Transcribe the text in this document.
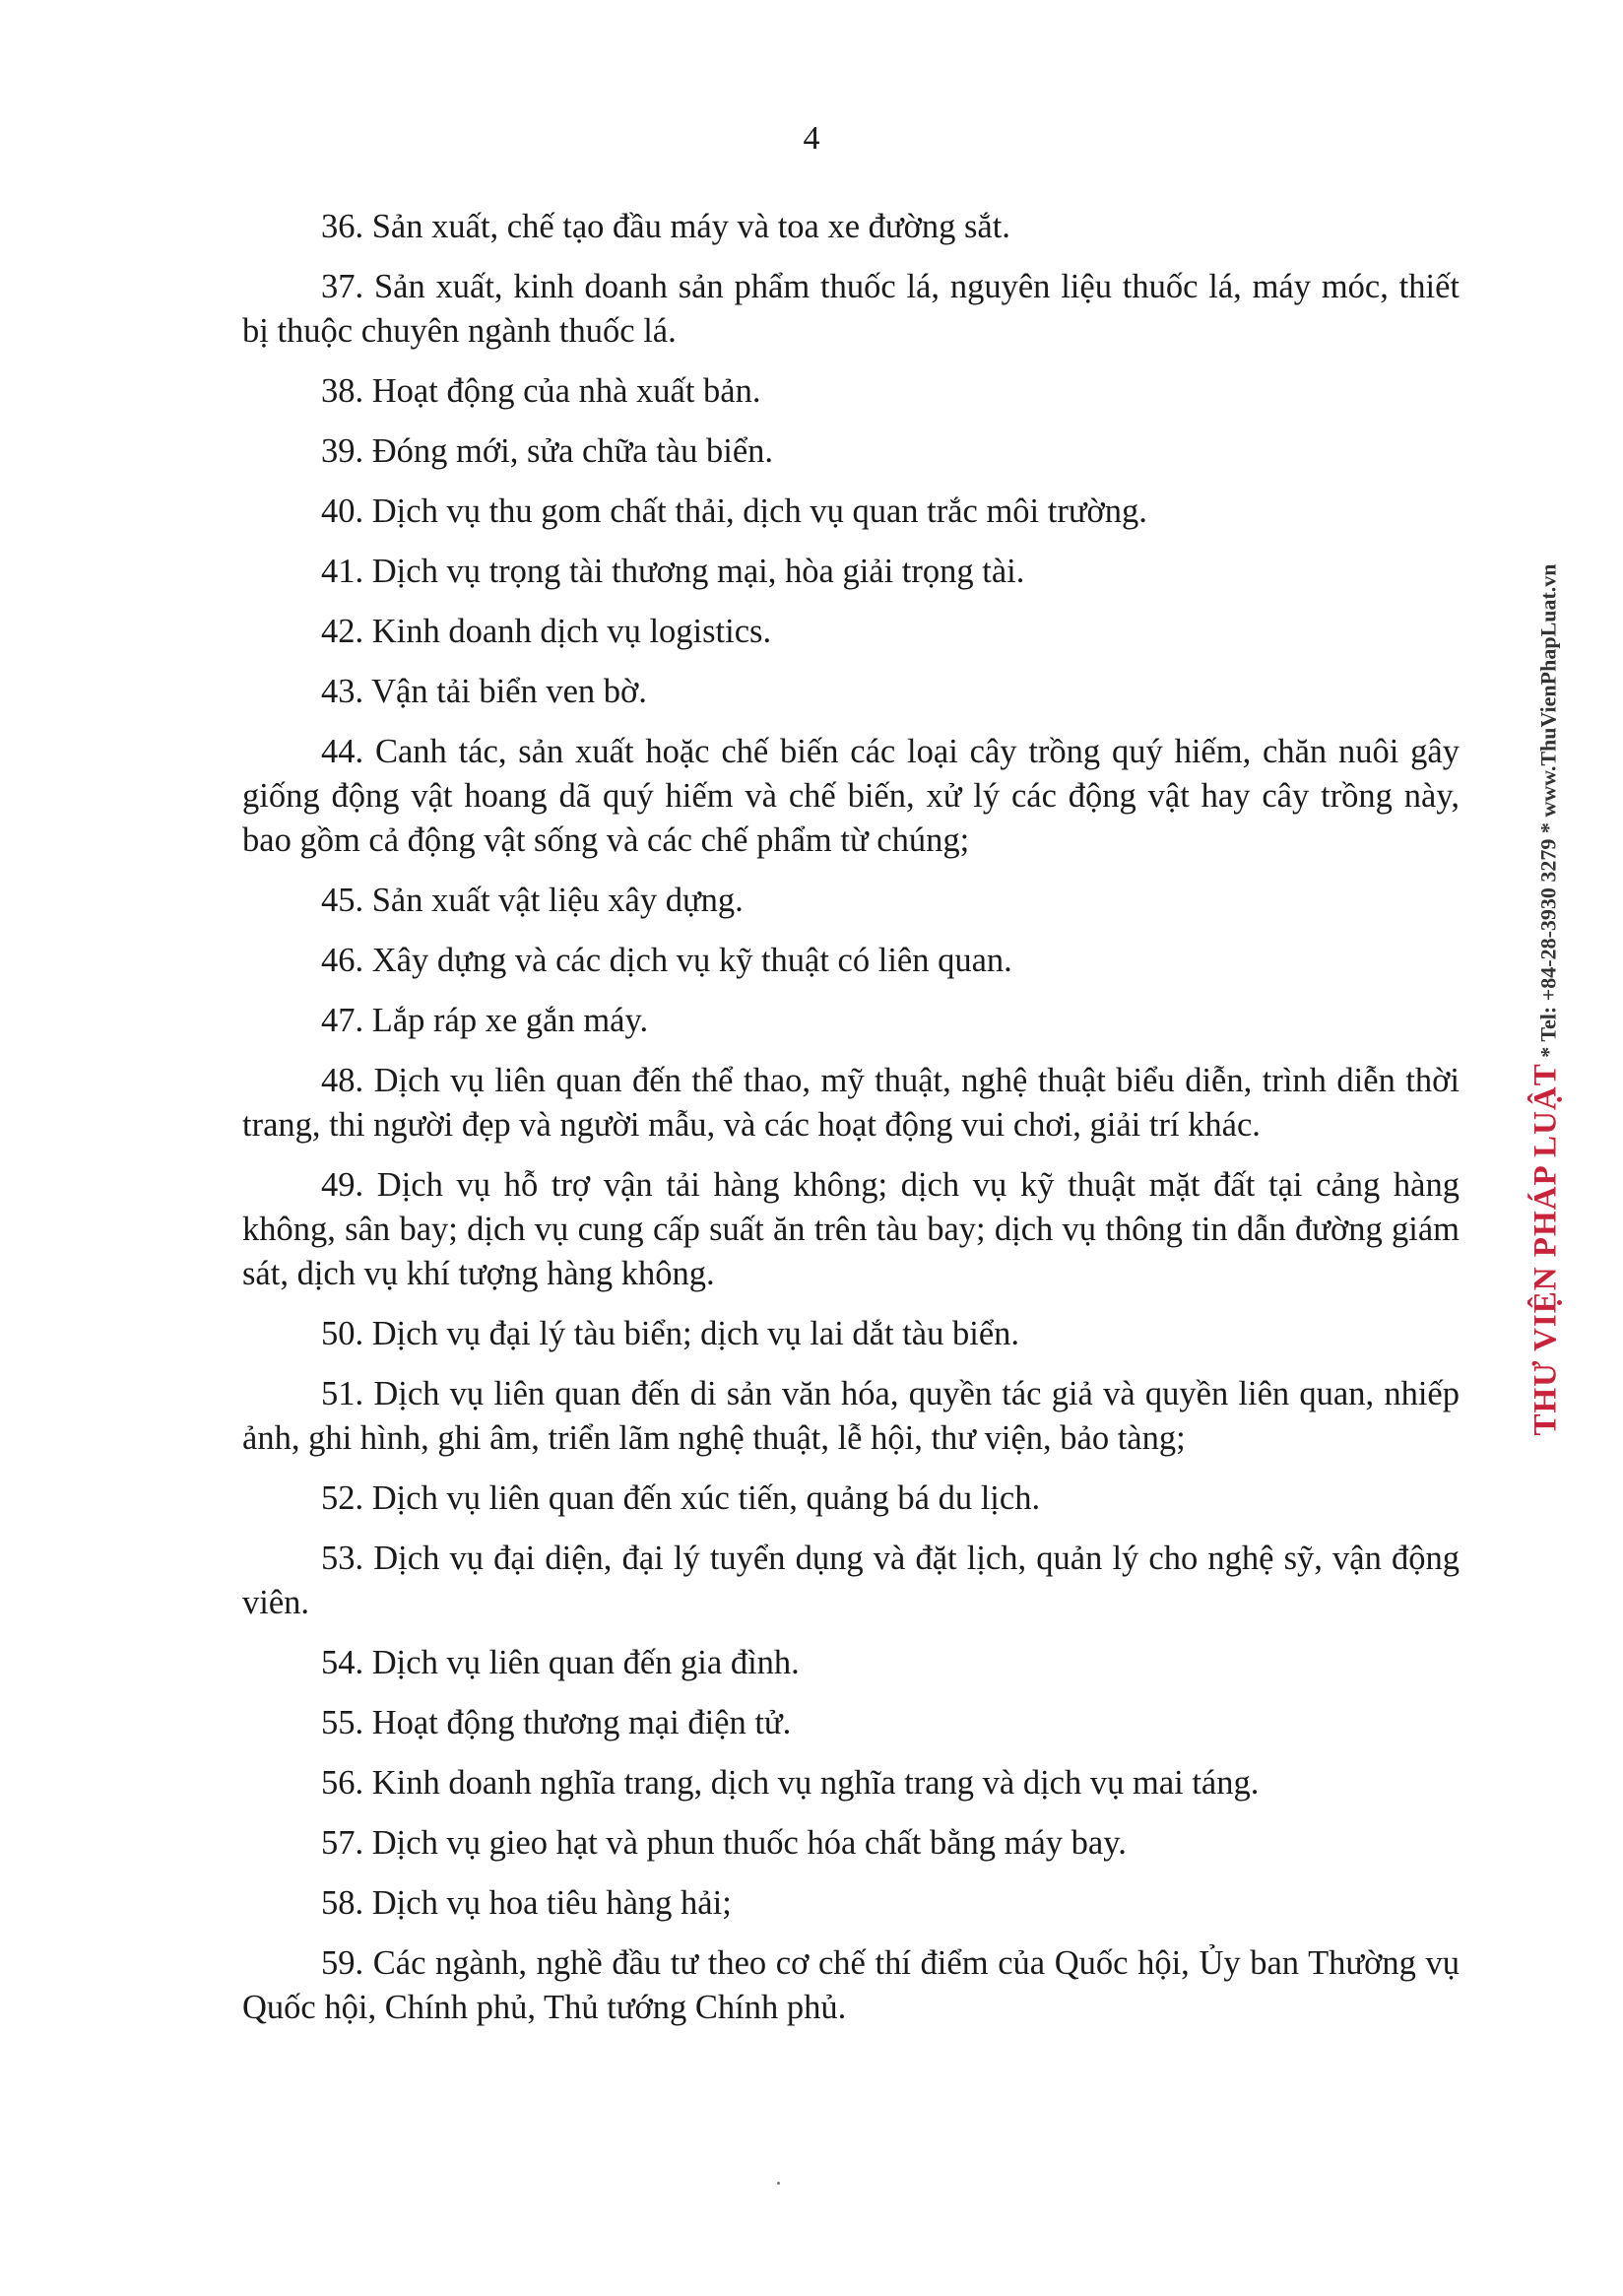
4

36. Sản xuất, chế tạo đầu máy và toa xe đường sắt.

37. Sản xuất, kinh doanh sản phẩm thuốc lá, nguyên liệu thuốc lá, máy móc, thiết bị thuộc chuyên ngành thuốc lá.

38. Hoạt động của nhà xuất bản.

39. Đóng mới, sửa chữa tàu biển.

40. Dịch vụ thu gom chất thải, dịch vụ quan trắc môi trường.

41. Dịch vụ trọng tài thương mại, hòa giải trọng tài.

42. Kinh doanh dịch vụ logistics.

43. Vận tải biển ven bờ.

44. Canh tác, sản xuất hoặc chế biến các loại cây trồng quý hiếm, chăn nuôi gây giống động vật hoang dã quý hiếm và chế biến, xử lý các động vật hay cây trồng này, bao gồm cả động vật sống và các chế phẩm từ chúng;

45. Sản xuất vật liệu xây dựng.

46. Xây dựng và các dịch vụ kỹ thuật có liên quan.

47. Lắp ráp xe gắn máy.

48. Dịch vụ liên quan đến thể thao, mỹ thuật, nghệ thuật biểu diễn, trình diễn thời trang, thi người đẹp và người mẫu, và các hoạt động vui chơi, giải trí khác.

49. Dịch vụ hỗ trợ vận tải hàng không; dịch vụ kỹ thuật mặt đất tại cảng hàng không, sân bay; dịch vụ cung cấp suất ăn trên tàu bay; dịch vụ thông tin dẫn đường giám sát, dịch vụ khí tượng hàng không.

50. Dịch vụ đại lý tàu biển; dịch vụ lai dắt tàu biển.

51. Dịch vụ liên quan đến di sản văn hóa, quyền tác giả và quyền liên quan, nhiếp ảnh, ghi hình, ghi âm, triển lãm nghệ thuật, lễ hội, thư viện, bảo tàng;

52. Dịch vụ liên quan đến xúc tiến, quảng bá du lịch.

53. Dịch vụ đại diện, đại lý tuyển dụng và đặt lịch, quản lý cho nghệ sỹ, vận động viên.

54. Dịch vụ liên quan đến gia đình.

55. Hoạt động thương mại điện tử.

56. Kinh doanh nghĩa trang, dịch vụ nghĩa trang và dịch vụ mai táng.

57. Dịch vụ gieo hạt và phun thuốc hóa chất bằng máy bay.

58. Dịch vụ hoa tiêu hàng hải;

59. Các ngành, nghề đầu tư theo cơ chế thí điểm của Quốc hội, Ủy ban Thường vụ Quốc hội, Chính phủ, Thủ tướng Chính phủ.

THƯ VIỆN PHÁP LUẬT * Tel: +84-28-3930 3279 * www.ThuVienPhapLuat.vn
